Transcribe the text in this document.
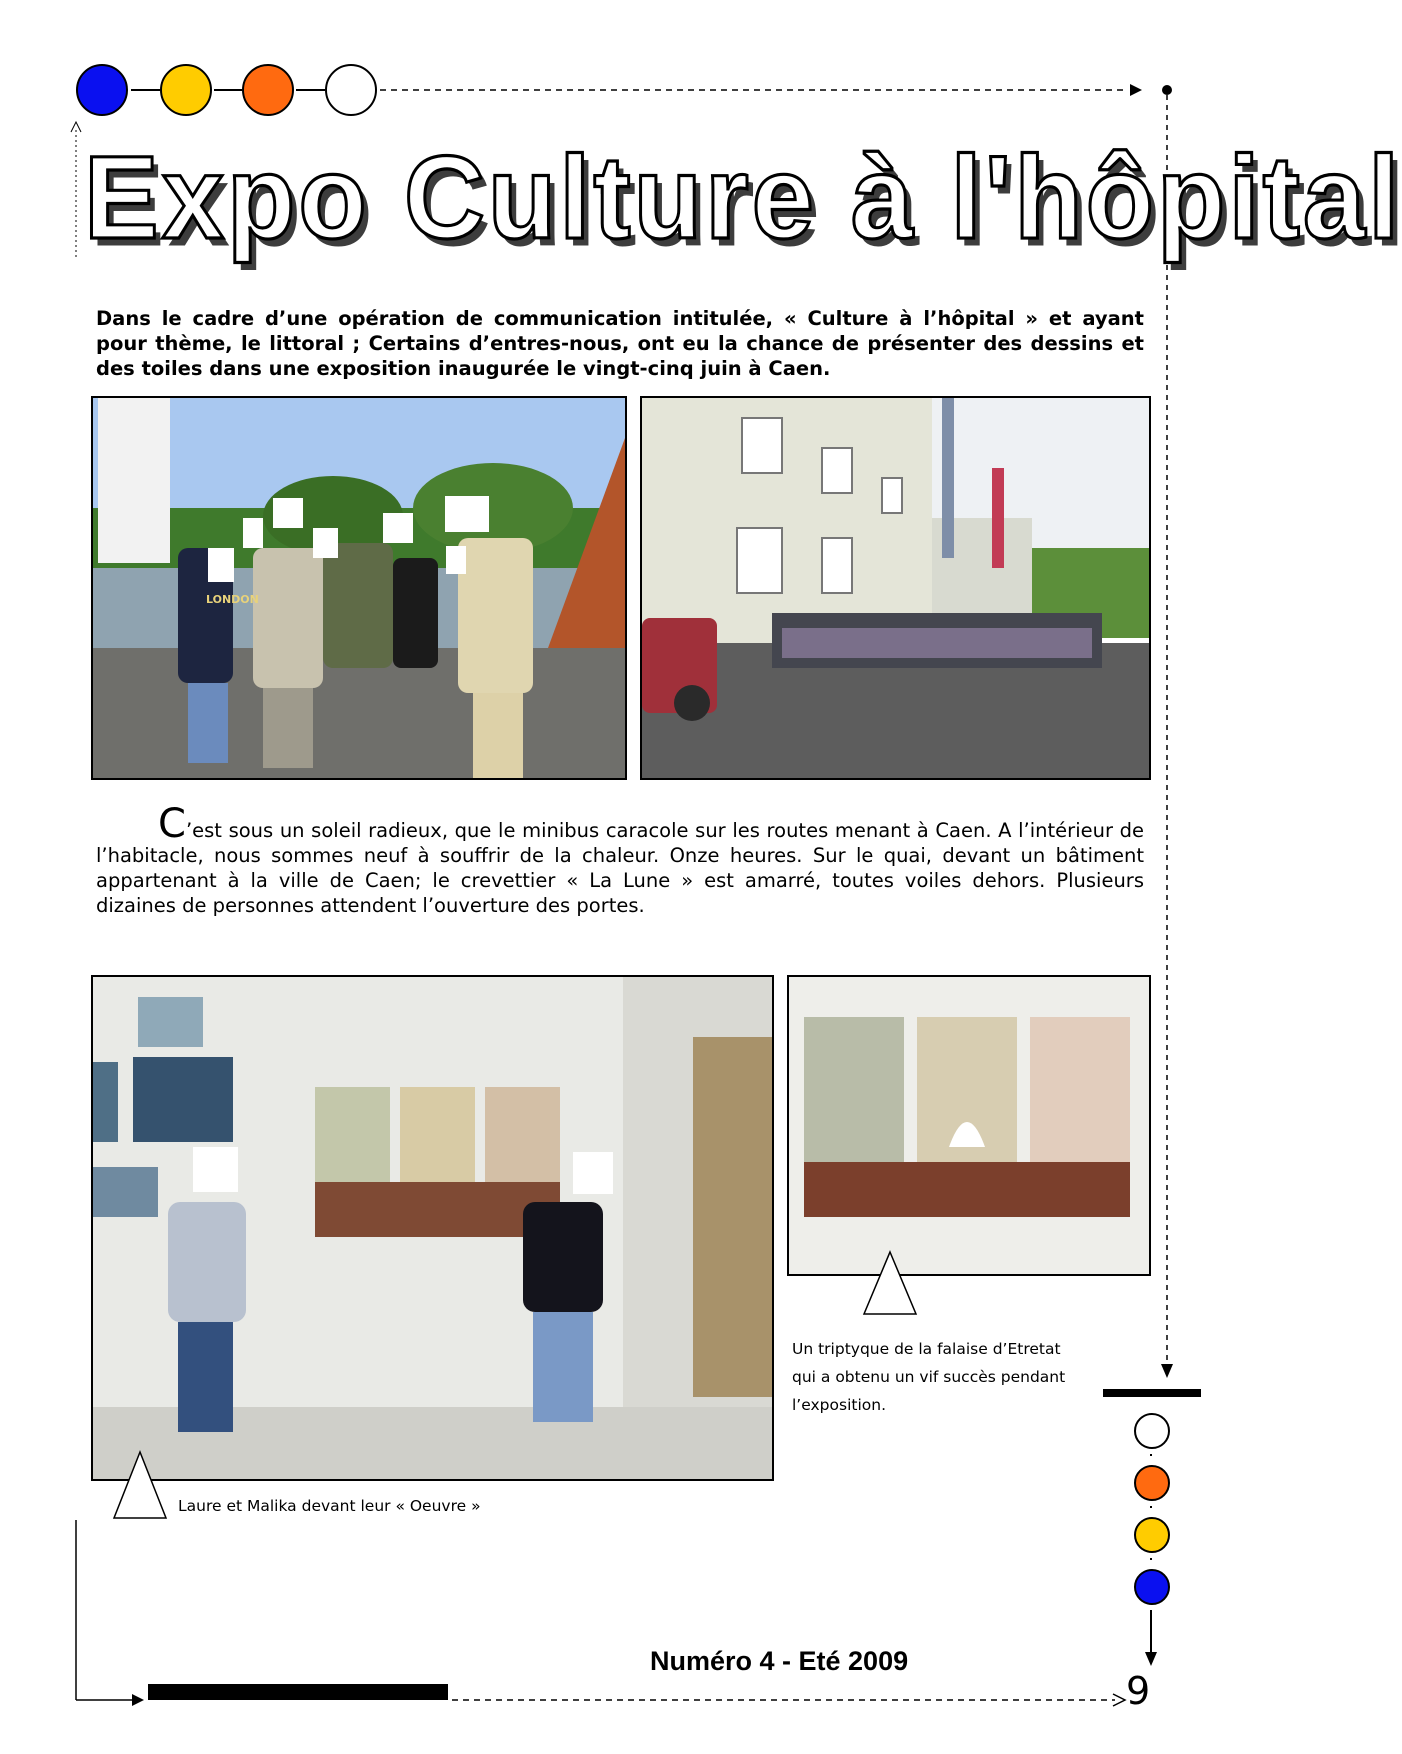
Expo Culture à l'hôpital
Dans le cadre d’une opération de communication intitulée, « Culture à l’hôpital » et ayant pour thème, le littoral ; Certains d’entres-nous, ont eu la chance de présenter des dessins et des toiles dans une exposition inaugurée le vingt-cinq juin à Caen.
LONDON
C’est sous un soleil radieux, que le minibus caracole sur les routes menant à Caen. A l’intérieur de l’habitacle, nous sommes neuf à souffrir de la chaleur. Onze heures. Sur le quai, devant un bâtiment appartenant à la ville de Caen; le crevettier « La Lune » est amarré, toutes voiles dehors. Plusieurs dizaines de personnes attendent l’ouverture des portes.
Un triptyque de la falaise d’Etretat
qui a obtenu un vif succès pendant
l’exposition.
Laure et Malika devant leur « Oeuvre »
Numéro 4 - Eté 2009
9
